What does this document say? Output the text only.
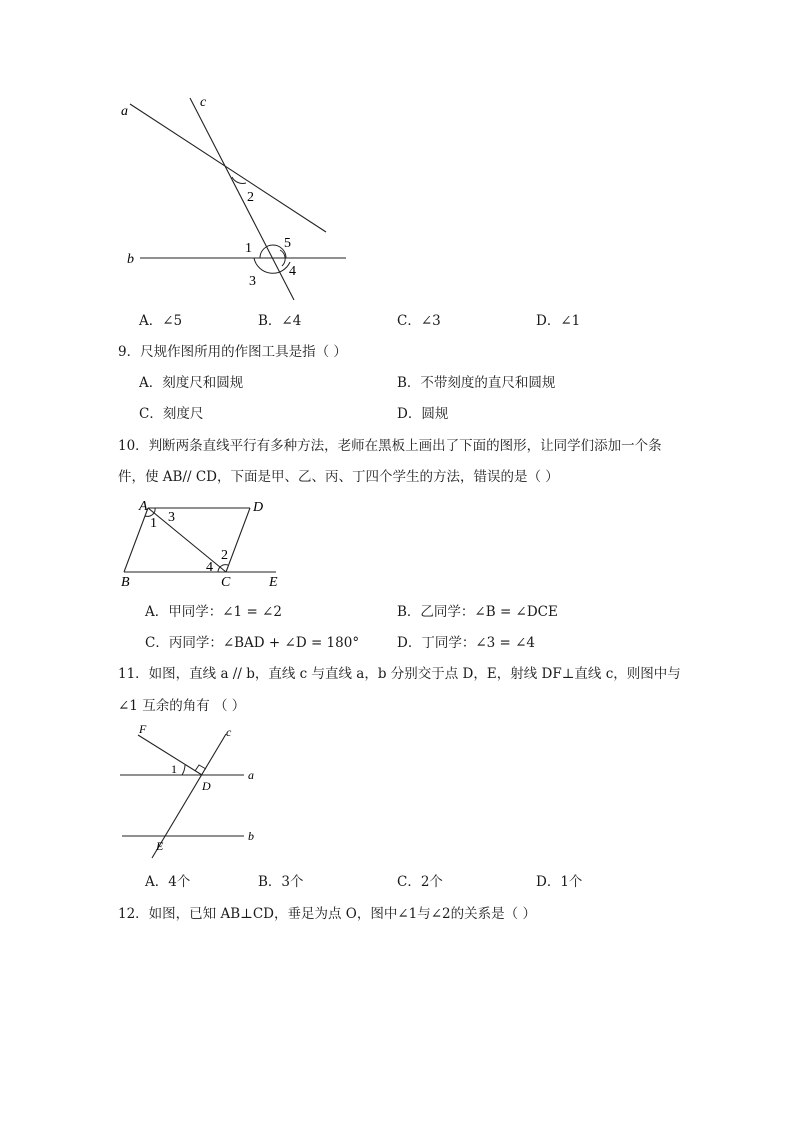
a
c
b
2
1 5
4
3
A．∠5	B．∠4	C．∠3	D．∠1
9．尺规作图所用的作图工具是指（ ）
A．刻度尺和圆规	B．不带刻度的直尺和圆规
C．刻度尺	D．圆规
10．判断两条直线平行有多种方法，老师在黑板上画出了下面的图形，让同学们添加一个条
件，使 AB// CD，下面是甲、乙、丙、丁四个学生的方法，错误的是（ ）
A	D
B	C	E
1 3
2
4
A．甲同学：∠1 = ∠2	B．乙同学：∠B = ∠DCE
C．丙同学：∠BAD + ∠D = 180°	D．丁同学：∠3 = ∠4
11．如图，直线 a // b，直线 c 与直线 a，b 分别交于点 D，E，射线 DF⊥直线 c，则图中与
∠1 互余的角有 （ ）
F	c
a
1
D
b
E
A．4个	B．3个	C．2个	D．1个
12．如图，已知 AB⊥CD，垂足为点 O，图中∠1与∠2的关系是（ ）
